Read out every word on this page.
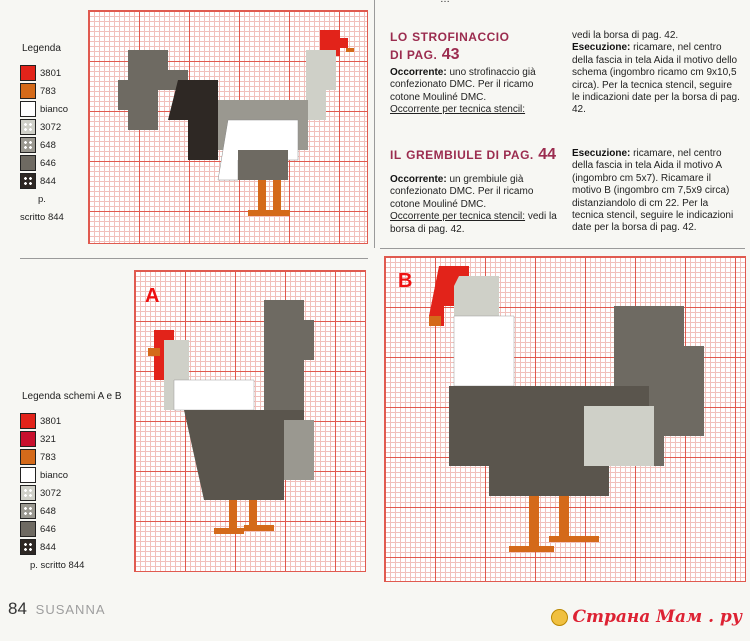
Legenda
3801
783
bianco
3072
648
646
844
p.
scritto 844
LO STROFINACCIO
DI PAG. 43
Occorrente: uno strofinaccio già confezionato DMC. Per il ricamo cotone Mouliné DMC.
Occorrente per tecnica stencil:
vedi la borsa di pag. 42.
Esecuzione: ricamare, nel centro della fascia in tela Aida il motivo dello schema (ingombro ricamo cm 9x10,5 circa). Per la tecnica stencil, seguire le indicazioni date per la borsa di pag. 42.
IL GREMBIULE DI PAG. 44
Occorrente: un grembiule già confezionato DMC. Per il ricamo cotone Mouliné DMC.
Occorrente per tecnica stencil: vedi la borsa di pag. 42.
Esecuzione: ricamare, nel centro della fascia in tela Aida il motivo A (ingombro cm 5x7). Ricamare il motivo B (ingombro cm 7,5x9 circa) distanziandolo di cm 22. Per la tecnica stencil, seguire le indicazioni date per la borsa di pag. 42.
A
Legenda schemi A e B
3801
321
783
bianco
3072
648
646
844
p. scritto 844
B
84 SUSANNA	Страна Мам . ру
